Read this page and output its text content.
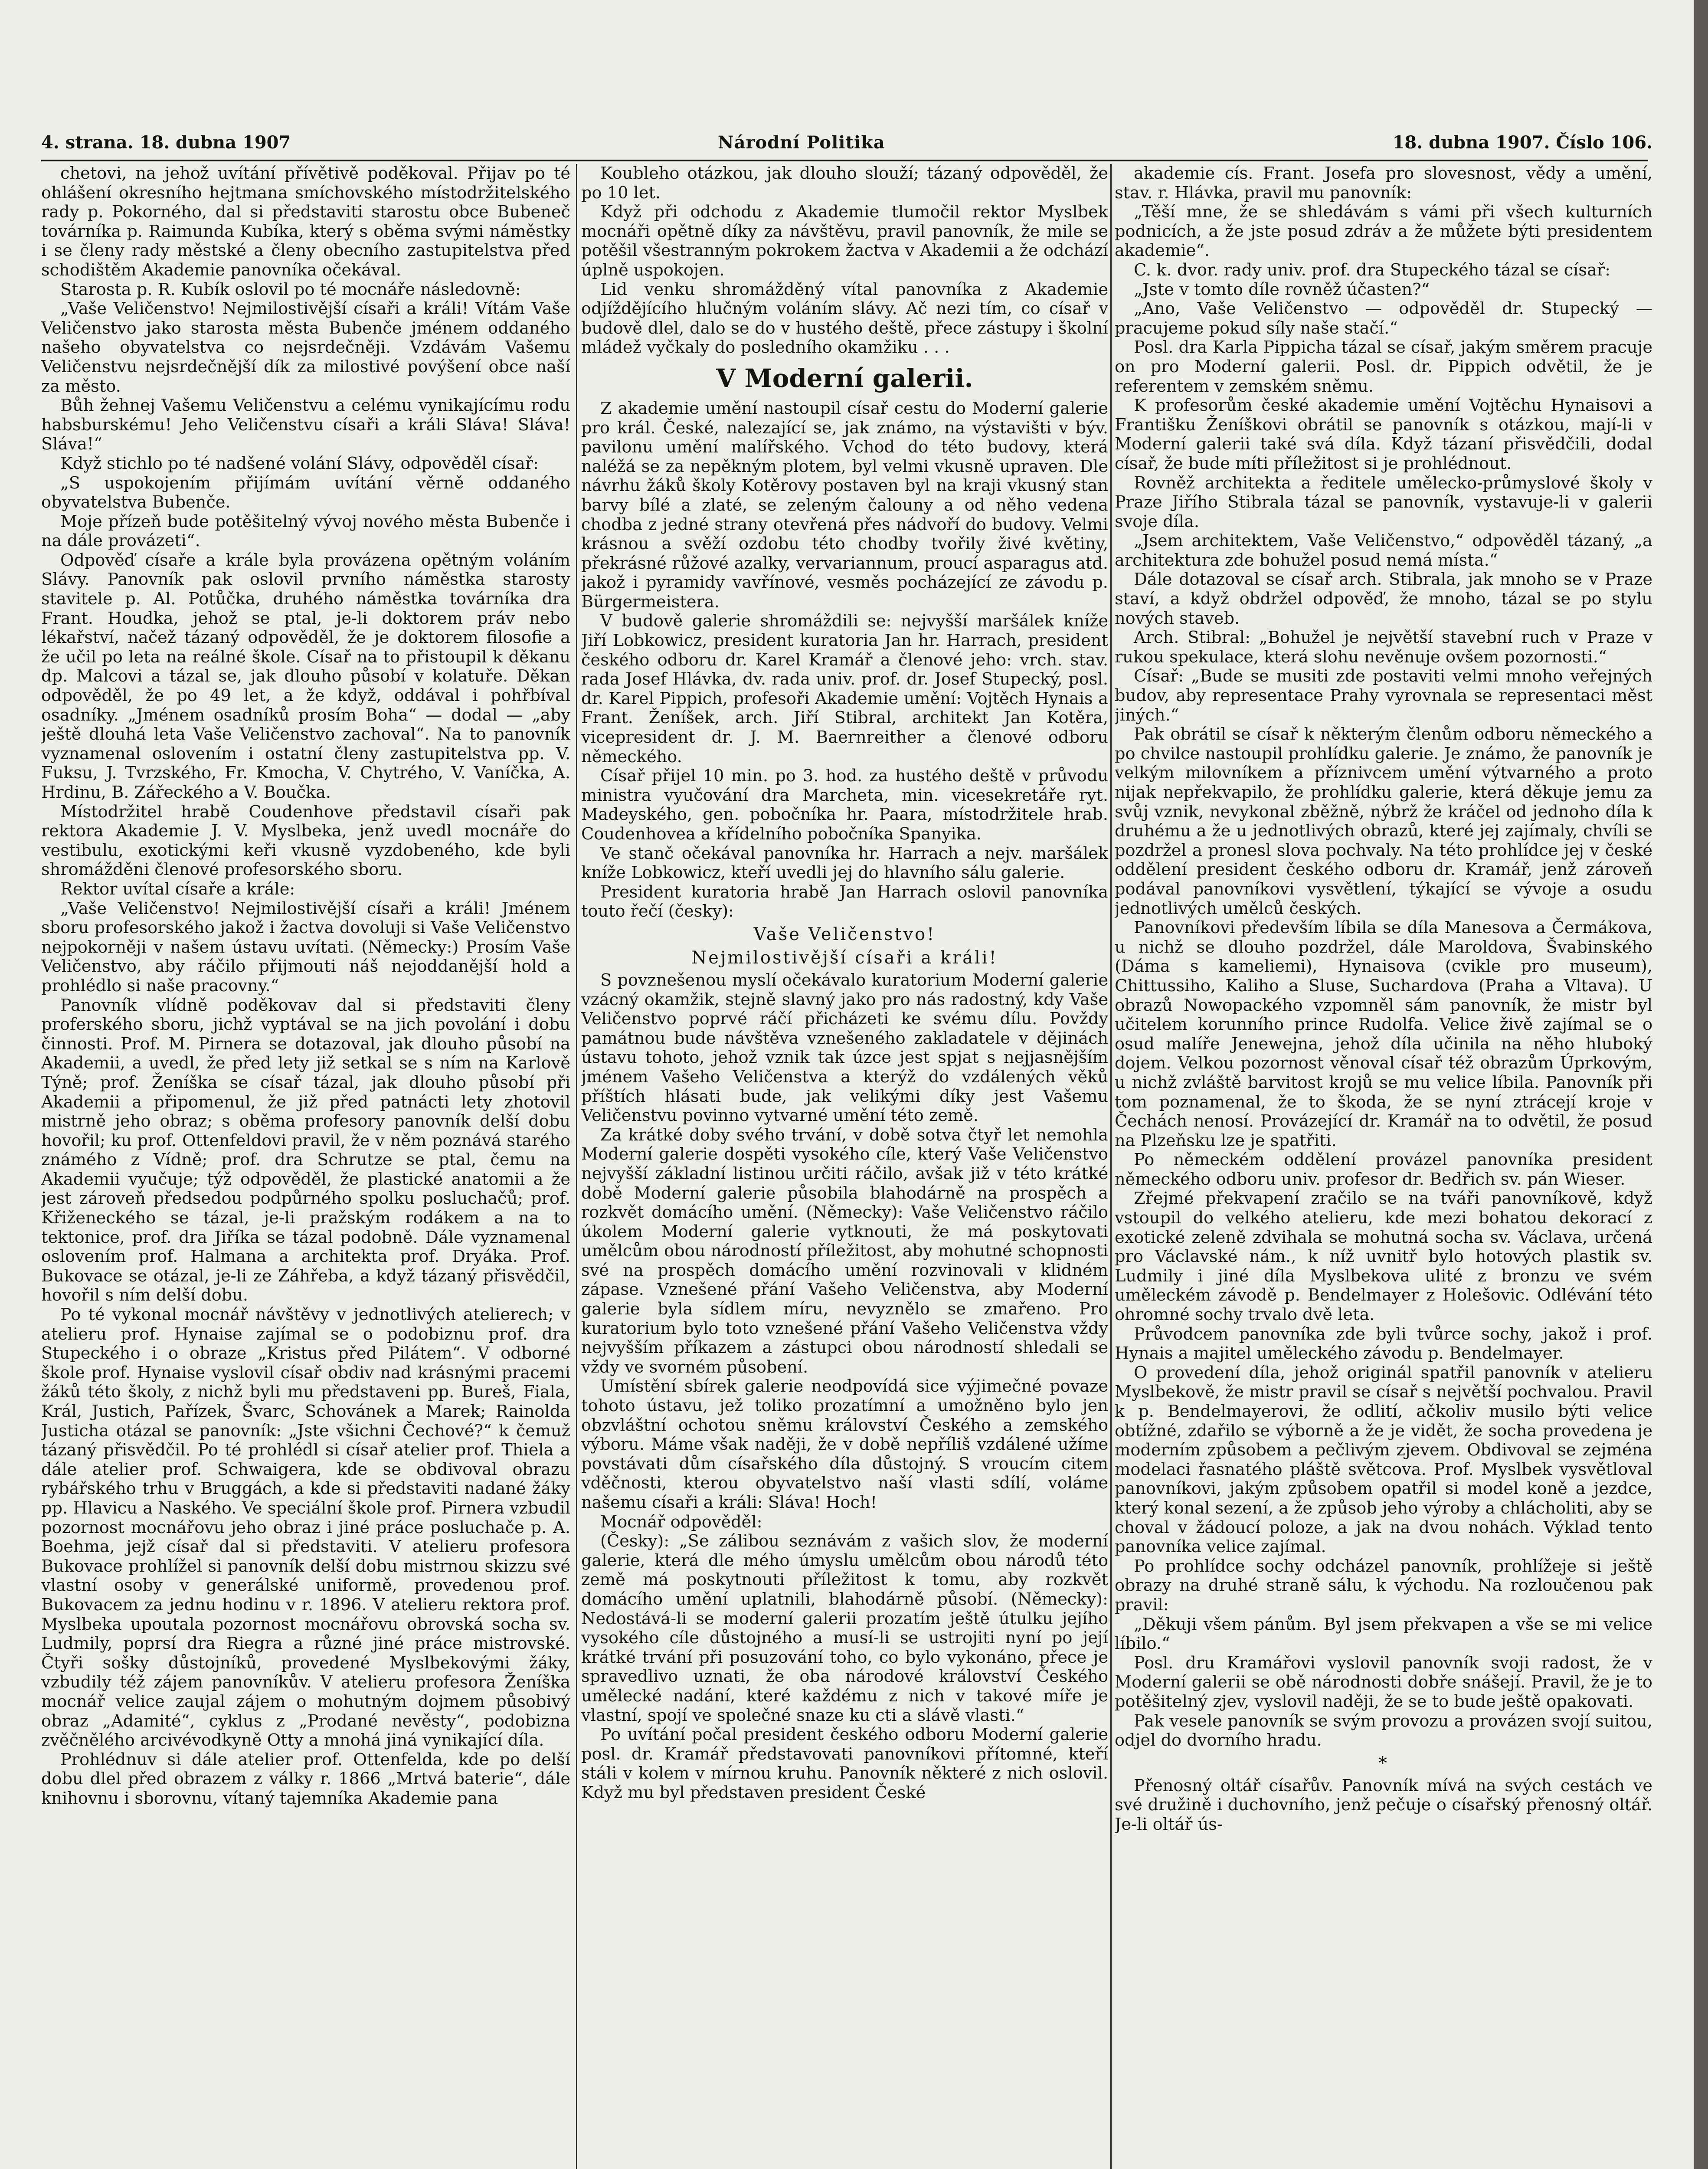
4. strana. 18. dubna 1907	Národní Politika	18. dubna 1907. Číslo 106.

chetovi, na jehož uvítání přívětivě poděkoval. Přijav po té ohlášení okresního hejtmana smíchovského místodržitelského rady p. Pokorného, dal si představiti starostu obce Bubeneč továrníka p. Raimunda Kubíka, který s oběma svými náměstky i se členy rady městské a členy obecního zastupitelstva před schodištěm Akademie panovníka očekával.

Starosta p. R. Kubík oslovil po té mocnáře následovně:

„Vaše Veličenstvo! Nejmilostivější císaři a králi! Vítám Vaše Veličenstvo jako starosta města Bubenče jménem oddaného našeho obyvatelstva co nejsrdečněji. Vzdávám Vašemu Veličenstvu nejsrdečnější dík za milostivé povýšení obce naší za město.

Bůh žehnej Vašemu Veličenstvu a celému vynikajícímu rodu habsburskému! Jeho Veličenstvu císaři a králi Sláva! Sláva! Sláva!“

Když stichlo po té nadšené volání Slávy, odpověděl císař:

„S uspokojením přijímám uvítání věrně oddaného obyvatelstva Bubenče.

Moje přízeň bude potěšitelný vývoj nového města Bubenče i na dále provázeti“.

Odpověď císaře a krále byla provázena opětným voláním Slávy. Panovník pak oslovil prvního náměstka starosty stavitele p. Al. Potůčka, druhého náměstka továrníka dra Frant. Houdka, jehož se ptal, je-li doktorem práv nebo lékařství, načež tázaný odpověděl, že je doktorem filosofie a že učil po leta na reálné škole. Císař na to přistoupil k děkanu dp. Malcovi a tázal se, jak dlouho působí v kolatuře. Děkan odpověděl, že po 49 let, a že když, oddával i pohřbíval osadníky. „Jménem osadníků prosím Boha“ — dodal — „aby ještě dlouhá leta Vaše Veličenstvo zachoval“. Na to panovník vyznamenal oslovením i ostatní členy zastupitelstva pp. V. Fuksu, J. Tvrzského, Fr. Kmocha, V. Chytrého, V. Vaníčka, A. Hrdinu, B. Zářeckého a V. Boučka.

Místodržitel hrabě Coudenhove představil císaři pak rektora Akademie J. V. Myslbeka, jenž uvedl mocnáře do vestibulu, exotickými keři vkusně vyzdobeného, kde byli shromážděni členové profesorského sboru.

Rektor uvítal císaře a krále:

„Vaše Veličenstvo! Nejmilostivější císaři a králi! Jménem sboru profesorského jakož i žactva dovoluji si Vaše Veličenstvo nejpokorněji v našem ústavu uvítati. (Německy:) Prosím Vaše Veličenstvo, aby ráčilo přijmouti náš nejoddanější hold a prohlédlo si naše pracovny.“

Panovník vlídně poděkovav dal si představiti členy proferského sboru, jichž vyptával se na jich povolání i dobu činnosti. Prof. M. Pirnera se dotazoval, jak dlouho působí na Akademii, a uvedl, že před lety již setkal se s ním na Karlově Týně; prof. Ženíška se císař tázal, jak dlouho působí při Akademii a připomenul, že již před patnácti lety zhotovil mistrně jeho obraz; s oběma profesory panovník delší dobu hovořil; ku prof. Ottenfeldovi pravil, že v něm poznává starého známého z Vídně; prof. dra Schrutze se ptal, čemu na Akademii vyučuje; týž odpověděl, že plastické anatomii a že jest zároveň předsedou podpůrného spolku posluchačů; prof. Křiženeckého se tázal, je-li pražským rodákem a na to tektonice, prof. dra Jiříka se tázal podobně. Dále vyznamenal oslovením prof. Halmana a architekta prof. Dryáka. Prof. Bukovace se otázal, je-li ze Záhřeba, a když tázaný přisvědčil, hovořil s ním delší dobu.

Po té vykonal mocnář návštěvy v jednotlivých atelierech; v atelieru prof. Hynaise zajímal se o podobiznu prof. dra Stupeckého i o obraze „Kristus před Pilátem“. V odborné škole prof. Hynaise vyslovil císař obdiv nad krásnými pracemi žáků této školy, z nichž byli mu představeni pp. Bureš, Fiala, Král, Justich, Pařízek, Švarc, Schovánek a Marek; Rainolda Justicha otázal se panovník: „Jste všichni Čechové?“ k čemuž tázaný přisvědčil. Po té prohlédl si císař atelier prof. Thiela a dále atelier prof. Schwaigera, kde se obdivoval obrazu rybářského trhu v Bruggách, a kde si představiti nadané žáky pp. Hlavicu a Naského. Ve speciální škole prof. Pirnera vzbudil pozornost mocnářovu jeho obraz i jiné práce posluchače p. A. Boehma, jejž císař dal si představiti. V atelieru profesora Bukovace prohlížel si panovník delší dobu mistrnou skizzu své vlastní osoby v generálské uniformě, provedenou prof. Bukovacem za jednu hodinu v r. 1896. V atelieru rektora prof. Myslbeka upoutala pozornost mocnářovu obrovská socha sv. Ludmily, poprsí dra Riegra a různé jiné práce mistrovské. Čtyři sošky důstojníků, provedené Myslbekovými žáky, vzbudily též zájem panovníkův. V atelieru profesora Ženíška mocnář velice zaujal zájem o mohutným dojmem působivý obraz „Adamité“, cyklus z „Prodané nevěsty“, podobizna zvěčnělého arcivévodkyně Otty a mnohá jiná vynikající díla.

Prohlédnuv si dále atelier prof. Ottenfelda, kde po delší dobu dlel před obrazem z války r. 1866 „Mrtvá baterie“, dále knihovnu i sborovnu, vítaný tajemníka Akademie pana

Koubleho otázkou, jak dlouho slouží; tázaný odpověděl, že po 10 let.

Když při odchodu z Akademie tlumočil rektor Myslbek mocnáři opětně díky za návštěvu, pravil panovník, že mile se potěšil všestranným pokrokem žactva v Akademii a že odchází úplně uspokojen.

Lid venku shromážděný vítal panovníka z Akademie odjíždějícího hlučným voláním slávy. Ač nezi tím, co císař v budově dlel, dalo se do v hustého deště, přece zástupy i školní mládež vyčkaly do posledního okamžiku . . .

V Moderní galerii.

Z akademie umění nastoupil císař cestu do Moderní galerie pro král. České, nalezající se, jak známo, na výstavišti v býv. pavilonu umění malířského. Vchod do této budovy, která naléžá se za nepěkným plotem, byl velmi vkusně upraven. Dle návrhu žáků školy Kotěrovy postaven byl na kraji vkusný stan barvy bílé a zlaté, se zeleným čalouny a od něho vedena chodba z jedné strany otevřená přes nádvoří do budovy. Velmi krásnou a svěží ozdobu této chodby tvořily živé květiny, překrásné růžové azalky, vervariannum, proucí asparagus atd. jakož i pyramidy vavřínové, vesměs pocházející ze závodu p. Bürgermeistera.

V budově galerie shromáždili se: nejvyšší maršálek kníže Jiří Lobkowicz, president kuratoria Jan hr. Harrach, president českého odboru dr. Karel Kramář a členové jeho: vrch. stav. rada Josef Hlávka, dv. rada univ. prof. dr. Josef Stupecký, posl. dr. Karel Pippich, profesoři Akademie umění: Vojtěch Hynais a Frant. Ženíšek, arch. Jiří Stibral, architekt Jan Kotěra, vicepresident dr. J. M. Baernreither a členové odboru německého.

Císař přijel 10 min. po 3. hod. za hustého deště v průvodu ministra vyučování dra Marcheta, min. vicesekretáře ryt. Madeyského, gen. pobočníka hr. Paara, místodržitele hrab. Coudenhovea a křídelního pobočníka Spanyika.

Ve stanč očekával panovníka hr. Harrach a nejv. maršálek kníže Lobkowicz, kteří uvedli jej do hlavního sálu galerie.

President kuratoria hrabě Jan Harrach oslovil panovníka touto řečí (česky):

Vaše Veličenstvo!

Nejmilostivější císaři a králi!

S povznešenou myslí očekávalo kuratorium Moderní galerie vzácný okamžik, stejně slavný jako pro nás radostný, kdy Vaše Veličenstvo poprvé ráčí přicházeti ke svému dílu. Povždy památnou bude návštěva vznešeného zakladatele v dějinách ústavu tohoto, jehož vznik tak úzce jest spjat s nejjasnějším jménem Vašeho Veličenstva a kterýž do vzdálených věků příštích hlásati bude, jak velikými díky jest Vašemu Veličenstvu povinno vytvarné umění této země.

Za krátké doby svého trvání, v době sotva čtyř let nemohla Moderní galerie dospěti vysokého cíle, který Vaše Veličenstvo nejvyšší základní listinou určiti ráčilo, avšak již v této krátké době Moderní galerie působila blahodárně na prospěch a rozkvět domácího umění. (Německy): Vaše Veličenstvo ráčilo úkolem Moderní galerie vytknouti, že má poskytovati umělcům obou národností příležitost, aby mohutné schopnosti své na prospěch domácího umění rozvinovali v klidném zápase. Vznešené přání Vašeho Veličenstva, aby Moderní galerie byla sídlem míru, nevyznělo se zmařeno. Pro kuratorium bylo toto vznešené přání Vašeho Veličenstva vždy nejvyšším příkazem a zástupci obou národností shledali se vždy ve svorném působení.

Umístění sbírek galerie neodpovídá sice výjimečné povaze tohoto ústavu, jež toliko prozatímní a umožněno bylo jen obzvláštní ochotou sněmu království Českého a zemského výboru. Máme však naději, že v době nepříliš vzdálené užíme povstávati dům císařského díla důstojný. S vroucím citem vděčnosti, kterou obyvatelstvo naší vlasti sdílí, voláme našemu císaři a králi: Sláva! Hoch!

Mocnář odpověděl:

(Česky): „Se zálibou seznávám z vašich slov, že moderní galerie, která dle mého úmyslu umělcům obou národů této země má poskytnouti příležitost k tomu, aby rozkvět domácího umění uplatnili, blahodárně působí. (Německy): Nedostává-li se moderní galerii prozatím ještě útulku jejího vysokého cíle důstojného a musí-li se ustrojiti nyní po její krátké trvání při posuzování toho, co bylo vykonáno, přece je spravedlivo uznati, že oba národové království Českého umělecké nadání, které každému z nich v takové míře je vlastní, spojí ve společné snaze ku cti a slávě vlasti.“

Po uvítání počal president českého odboru Moderní galerie posl. dr. Kramář představovati panovníkovi přítomné, kteří stáli v kolem v mírnou kruhu. Panovník některé z nich oslovil. Když mu byl představen president České

akademie cís. Frant. Josefa pro slovesnost, vědy a umění, stav. r. Hlávka, pravil mu panovník:

„Těší mne, že se shledávám s vámi při všech kulturních podnicích, a že jste posud zdráv a že můžete býti presidentem akademie“.

C. k. dvor. rady univ. prof. dra Stupeckého tázal se císař:

„Jste v tomto díle rovněž účasten?“

„Ano, Vaše Veličenstvo — odpověděl dr. Stupecký — pracujeme pokud síly naše stačí.“

Posl. dra Karla Pippicha tázal se císař, jakým směrem pracuje on pro Moderní galerii. Posl. dr. Pippich odvětil, že je referentem v zemském sněmu.

K profesorům české akademie umění Vojtěchu Hynaisovi a Františku Ženíškovi obrátil se panovník s otázkou, mají-li v Moderní galerii také svá díla. Když tázaní přisvědčili, dodal císař, že bude míti příležitost si je prohlédnout.

Rovněž architekta a ředitele umělecko-průmyslové školy v Praze Jiřího Stibrala tázal se panovník, vystavuje-li v galerii svoje díla.

„Jsem architektem, Vaše Veličenstvo,“ odpověděl tázaný, „a architektura zde bohužel posud nemá místa.“

Dále dotazoval se císař arch. Stibrala, jak mnoho se v Praze staví, a když obdržel odpověď, že mnoho, tázal se po stylu nových staveb.

Arch. Stibral: „Bohužel je největší stavební ruch v Praze v rukou spekulace, která slohu nevěnuje ovšem pozornosti.“

Císař: „Bude se musiti zde postaviti velmi mnoho veřejných budov, aby representace Prahy vyrovnala se representaci měst jiných.“

Pak obrátil se císař k některým členům odboru německého a po chvilce nastoupil prohlídku galerie. Je známo, že panovník je velkým milovníkem a příznivcem umění výtvarného a proto nijak nepřekvapilo, že prohlídku galerie, která děkuje jemu za svůj vznik, nevykonal zběžně, nýbrž že kráčel od jednoho díla k druhému a že u jednotlivých obrazů, které jej zajímaly, chvíli se pozdržel a pronesl slova pochvaly. Na této prohlídce jej v české oddělení president českého odboru dr. Kramář, jenž zároveň podával panovníkovi vysvětlení, týkající se vývoje a osudu jednotlivých umělců českých.

Panovníkovi především líbila se díla Manesova a Čermákova, u nichž se dlouho pozdržel, dále Maroldova, Švabinského (Dáma s kameliemi), Hynaisova (cvikle pro museum), Chittussiho, Kaliho a Sluse, Suchardova (Praha a Vltava). U obrazů Nowopackého vzpomněl sám panovník, že mistr byl učitelem korunního prince Rudolfa. Velice živě zajímal se o osud malíře Jenewejna, jehož díla učinila na něho hluboký dojem. Velkou pozornost věnoval císař též obrazům Úprkovým, u nichž zvláště barvitost krojů se mu velice líbila. Panovník při tom poznamenal, že to škoda, že se nyní ztrácejí kroje v Čechách nenosí. Provázející dr. Kramář na to odvětil, že posud na Plzeňsku lze je spatřiti.

Po německém oddělení provázel panovníka president německého odboru univ. profesor dr. Bedřich sv. pán Wieser.

Zřejmé překvapení zračilo se na tváři panovníkově, když vstoupil do velkého atelieru, kde mezi bohatou dekorací z exotické zeleně zdvihala se mohutná socha sv. Václava, určená pro Václavské nám., k níž uvnitř bylo hotových plastik sv. Ludmily i jiné díla Myslbekova ulité z bronzu ve svém uměleckém závodě p. Bendelmayer z Holešovic. Odlévání této ohromné sochy trvalo dvě leta.

Průvodcem panovníka zde byli tvůrce sochy, jakož i prof. Hynais a majitel uměleckého závodu p. Bendelmayer.

O provedení díla, jehož originál spatřil panovník v atelieru Myslbekově, že mistr pravil se císař s největší pochvalou. Pravil k p. Bendelmayerovi, že odlití, ačkoliv musilo býti velice obtížné, zdařilo se výborně a že je vidět, že socha provedena je moderním způsobem a pečlivým zjevem. Obdivoval se zejména modelaci řasnatého pláště světcova. Prof. Myslbek vysvětloval panovníkovi, jakým způsobem opatřil si model koně a jezdce, který konal sezení, a že způsob jeho výroby a chlácholiti, aby se choval v žádoucí poloze, a jak na dvou nohách. Výklad tento panovníka velice zajímal.

Po prohlídce sochy odcházel panovník, prohlížeje si ještě obrazy na druhé straně sálu, k východu. Na rozloučenou pak pravil:

„Děkuji všem pánům. Byl jsem překvapen a vše se mi velice líbilo.“

Posl. dru Kramářovi vyslovil panovník svoji radost, že v Moderní galerii se obě národnosti dobře snášejí. Pravil, že je to potěšitelný zjev, vyslovil naději, že se to bude ještě opakovati.

Pak vesele panovník se svým provozu a provázen svojí suitou, odjel do dvorního hradu.

*

Přenosný oltář císařův. Panovník mívá na svých cestách ve své družině i duchovního, jenž pečuje o císařský přenosný oltář. Je-li oltář ús-
